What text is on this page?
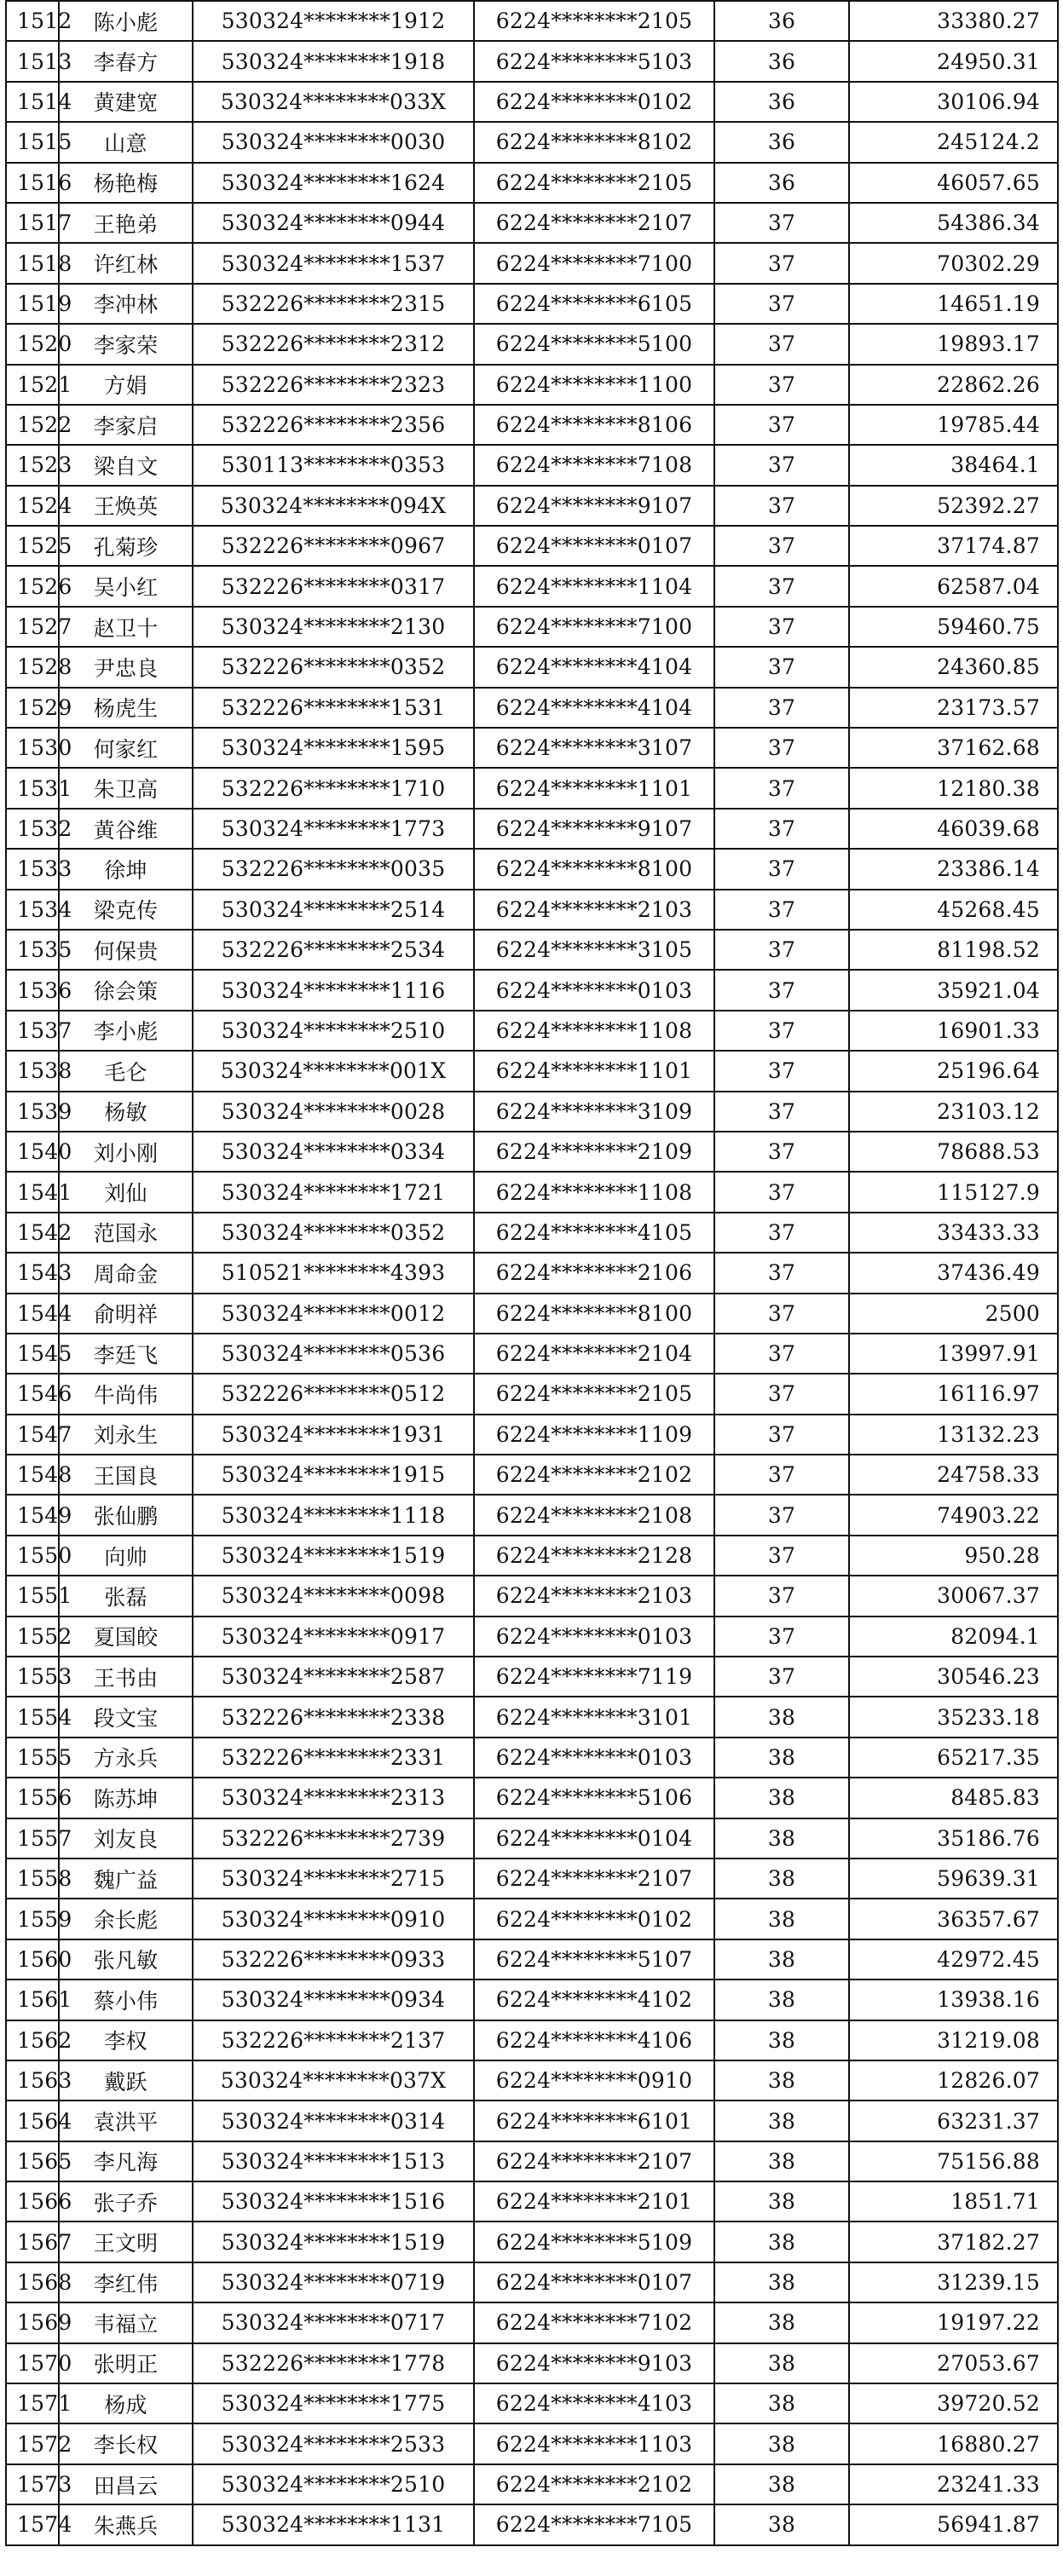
1512	陈小彪	530324********1912	6224********2105	36	33380.27
1513	李春方	530324********1918	6224********5103	36	24950.31
1514	黄建宽	530324********033X	6224********0102	36	30106.94
1515	山意	530324********0030	6224********8102	36	245124.2
1516	杨艳梅	530324********1624	6224********2105	36	46057.65
1517	王艳弟	530324********0944	6224********2107	37	54386.34
1518	许红林	530324********1537	6224********7100	37	70302.29
1519	李冲林	532226********2315	6224********6105	37	14651.19
1520	李家荣	532226********2312	6224********5100	37	19893.17
1521	方娟	532226********2323	6224********1100	37	22862.26
1522	李家启	532226********2356	6224********8106	37	19785.44
1523	梁自文	530113********0353	6224********7108	37	38464.1
1524	王焕英	530324********094X	6224********9107	37	52392.27
1525	孔菊珍	532226********0967	6224********0107	37	37174.87
1526	吴小红	532226********0317	6224********1104	37	62587.04
1527	赵卫十	530324********2130	6224********7100	37	59460.75
1528	尹忠良	532226********0352	6224********4104	37	24360.85
1529	杨虎生	532226********1531	6224********4104	37	23173.57
1530	何家红	530324********1595	6224********3107	37	37162.68
1531	朱卫高	532226********1710	6224********1101	37	12180.38
1532	黄谷维	530324********1773	6224********9107	37	46039.68
1533	徐坤	532226********0035	6224********8100	37	23386.14
1534	梁克传	530324********2514	6224********2103	37	45268.45
1535	何保贵	532226********2534	6224********3105	37	81198.52
1536	徐会策	530324********1116	6224********0103	37	35921.04
1537	李小彪	530324********2510	6224********1108	37	16901.33
1538	毛仑	530324********001X	6224********1101	37	25196.64
1539	杨敏	530324********0028	6224********3109	37	23103.12
1540	刘小刚	530324********0334	6224********2109	37	78688.53
1541	刘仙	530324********1721	6224********1108	37	115127.9
1542	范国永	530324********0352	6224********4105	37	33433.33
1543	周命金	510521********4393	6224********2106	37	37436.49
1544	俞明祥	530324********0012	6224********8100	37	2500
1545	李廷飞	530324********0536	6224********2104	37	13997.91
1546	牛尚伟	532226********0512	6224********2105	37	16116.97
1547	刘永生	530324********1931	6224********1109	37	13132.23
1548	王国良	530324********1915	6224********2102	37	24758.33
1549	张仙鹏	530324********1118	6224********2108	37	74903.22
1550	向帅	530324********1519	6224********2128	37	950.28
1551	张磊	530324********0098	6224********2103	37	30067.37
1552	夏国皎	530324********0917	6224********0103	37	82094.1
1553	王书由	530324********2587	6224********7119	37	30546.23
1554	段文宝	532226********2338	6224********3101	38	35233.18
1555	方永兵	532226********2331	6224********0103	38	65217.35
1556	陈苏坤	530324********2313	6224********5106	38	8485.83
1557	刘友良	532226********2739	6224********0104	38	35186.76
1558	魏广益	530324********2715	6224********2107	38	59639.31
1559	余长彪	530324********0910	6224********0102	38	36357.67
1560	张凡敏	532226********0933	6224********5107	38	42972.45
1561	蔡小伟	530324********0934	6224********4102	38	13938.16
1562	李权	532226********2137	6224********4106	38	31219.08
1563	戴跃	530324********037X	6224********0910	38	12826.07
1564	袁洪平	530324********0314	6224********6101	38	63231.37
1565	李凡海	530324********1513	6224********2107	38	75156.88
1566	张子乔	530324********1516	6224********2101	38	1851.71
1567	王文明	530324********1519	6224********5109	38	37182.27
1568	李红伟	530324********0719	6224********0107	38	31239.15
1569	韦福立	530324********0717	6224********7102	38	19197.22
1570	张明正	532226********1778	6224********9103	38	27053.67
1571	杨成	530324********1775	6224********4103	38	39720.52
1572	李长权	530324********2533	6224********1103	38	16880.27
1573	田昌云	530324********2510	6224********2102	38	23241.33
1574	朱燕兵	530324********1131	6224********7105	38	56941.87
